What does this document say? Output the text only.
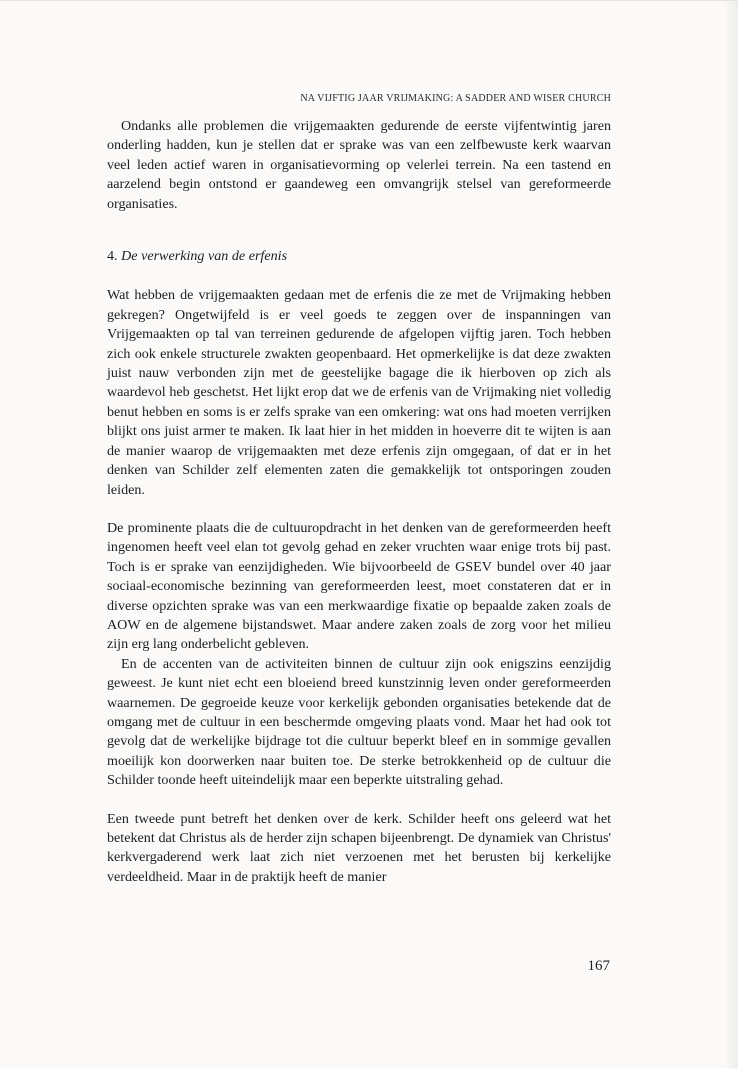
NA VIJFTIG JAAR VRIJMAKING: A SADDER AND WISER CHURCH

Ondanks alle problemen die vrijgemaakten gedurende de eerste vijfentwintig jaren onderling hadden, kun je stellen dat er sprake was van een zelfbewuste kerk waarvan veel leden actief waren in organisatievorming op velerlei terrein. Na een tastend en aarzelend begin ontstond er gaandeweg een omvangrijk stelsel van gereformeerde organisaties.

4. De verwerking van de erfenis

Wat hebben de vrijgemaakten gedaan met de erfenis die ze met de Vrijmaking hebben gekregen? Ongetwijfeld is er veel goeds te zeggen over de inspanningen van Vrijgemaakten op tal van terreinen gedurende de afgelopen vijftig jaren. Toch hebben zich ook enkele structurele zwakten geopenbaard. Het opmerkelijke is dat deze zwakten juist nauw verbonden zijn met de geestelijke bagage die ik hierboven op zich als waardevol heb geschetst. Het lijkt erop dat we de erfenis van de Vrijmaking niet volledig benut hebben en soms is er zelfs sprake van een omkering: wat ons had moeten verrijken blijkt ons juist armer te maken. Ik laat hier in het midden in hoeverre dit te wijten is aan de manier waarop de vrijgemaakten met deze erfenis zijn omgegaan, of dat er in het denken van Schilder zelf elementen zaten die gemakkelijk tot ontsporingen zouden leiden.

De prominente plaats die de cultuuropdracht in het denken van de gereformeerden heeft ingenomen heeft veel elan tot gevolg gehad en zeker vruchten waar enige trots bij past. Toch is er sprake van eenzijdigheden. Wie bijvoorbeeld de GSEV bundel over 40 jaar sociaal-economische bezinning van gereformeerden leest, moet constateren dat er in diverse opzichten sprake was van een merkwaardige fixatie op bepaalde zaken zoals de AOW en de algemene bijstandswet. Maar andere zaken zoals de zorg voor het milieu zijn erg lang onderbelicht gebleven.

En de accenten van de activiteiten binnen de cultuur zijn ook enigszins eenzijdig geweest. Je kunt niet echt een bloeiend breed kunstzinnig leven onder gereformeerden waarnemen. De gegroeide keuze voor kerkelijk gebonden organisaties betekende dat de omgang met de cultuur in een beschermde omgeving plaats vond. Maar het had ook tot gevolg dat de werkelijke bijdrage tot die cultuur beperkt bleef en in sommige gevallen moeilijk kon doorwerken naar buiten toe. De sterke betrokkenheid op de cultuur die Schilder toonde heeft uiteindelijk maar een beperkte uitstraling gehad.

Een tweede punt betreft het denken over de kerk. Schilder heeft ons geleerd wat het betekent dat Christus als de herder zijn schapen bijeenbrengt. De dynamiek van Christus' kerkvergaderend werk laat zich niet verzoenen met het berusten bij kerkelijke verdeeldheid. Maar in de praktijk heeft de manier

167
